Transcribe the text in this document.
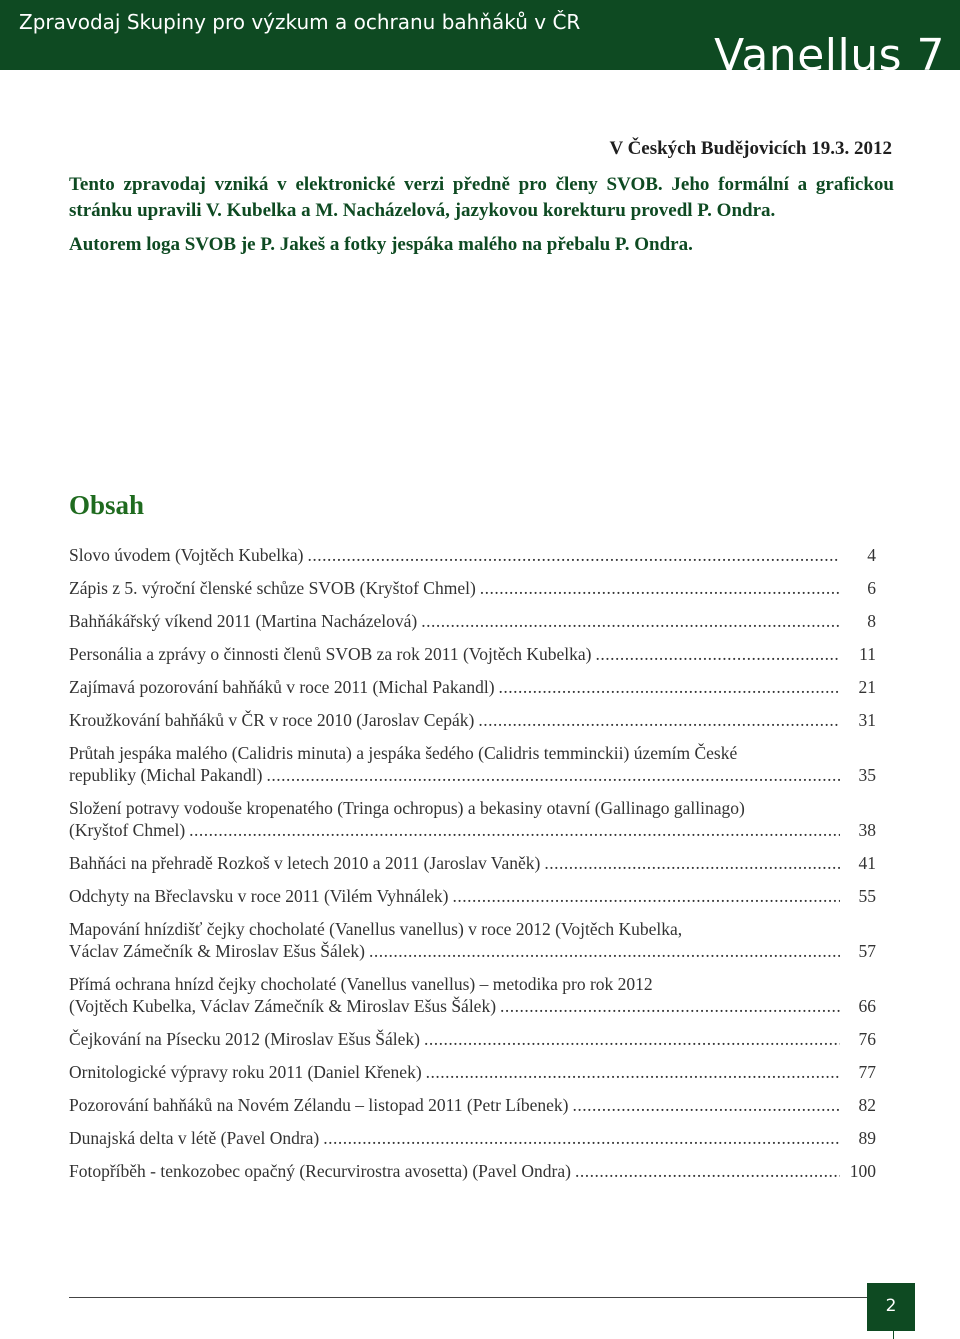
Zpravodaj Skupiny pro výzkum a ochranu bahňáků v ČR
Vanellus 7
V Českých Budějovicích 19.3. 2012

Tento zpravodaj vzniká v elektronické verzi předně pro členy SVOB. Jeho formální a grafickou stránku upravili V. Kubelka a M. Nacházelová, jazykovou korekturu provedl P. Ondra.

Autorem loga SVOB je P. Jakeš a fotky jespáka malého na přebalu P. Ondra.

Obsah
Slovo úvodem (Vojtěch Kubelka) .....	4
Zápis z 5. výroční členské schůze SVOB (Kryštof Chmel) .....	6
Bahňákářský víkend 2011 (Martina Nacházelová) .....	8
Personália a zprávy o činnosti členů SVOB za rok 2011 (Vojtěch Kubelka) .....	11
Zajímavá pozorování bahňáků v roce 2011 (Michal Pakandl) .....	21
Kroužkování bahňáků v ČR v roce 2010 (Jaroslav Cepák) .....	31
Průtah jespáka malého (Calidris minuta) a jespáka šedého (Calidris temminckii) územím České
republiky (Michal Pakandl) .....	35
Složení potravy vodouše kropenatého (Tringa ochropus) a bekasiny otavní (Gallinago gallinago)
(Kryštof Chmel) .....	38
Bahňáci na přehradě Rozkoš v letech 2010 a 2011 (Jaroslav Vaněk) .....	41
Odchyty na Břeclavsku v roce 2011 (Vilém Vyhnálek) .....	55
Mapování hnízdišť čejky chocholaté (Vanellus vanellus) v roce 2012 (Vojtěch Kubelka,
Václav Zámečník & Miroslav Ešus Šálek) .....	57
Přímá ochrana hnízd čejky chocholaté (Vanellus vanellus) – metodika pro rok 2012
(Vojtěch Kubelka, Václav Zámečník & Miroslav Ešus Šálek) .....	66
Čejkování na Písecku 2012 (Miroslav Ešus Šálek) .....	76
Ornitologické výpravy roku 2011 (Daniel Křenek) .....	77
Pozorování bahňáků na Novém Zélandu – listopad 2011 (Petr Líbenek) .....	82
Dunajská delta v létě (Pavel Ondra) .....	89
Fotopříběh - tenkozobec opačný (Recurvirostra avosetta) (Pavel Ondra) .....	100
2
